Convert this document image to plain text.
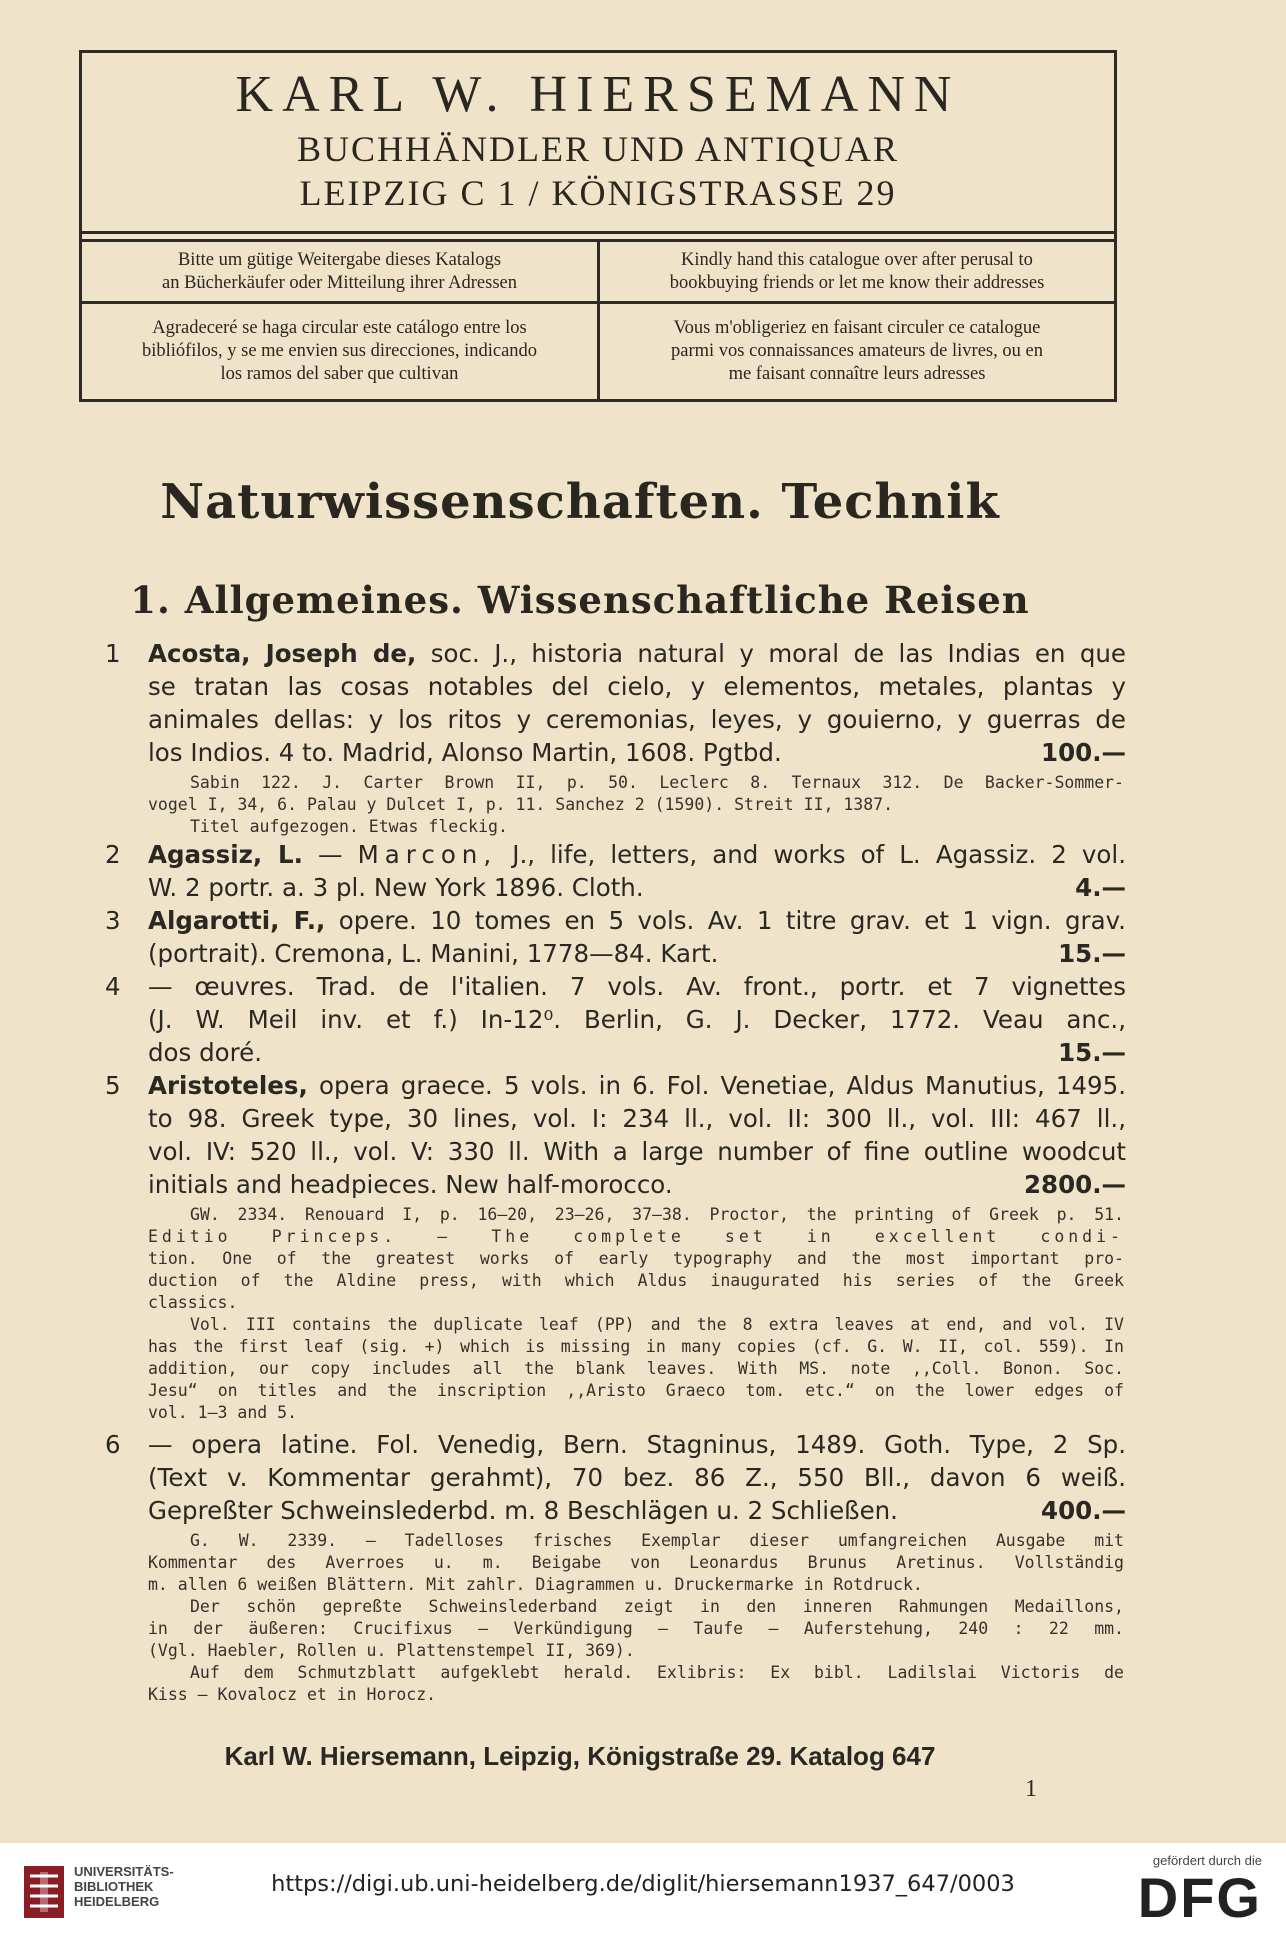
KARL W. HIERSEMANN
BUCHHÄNDLER UND ANTIQUAR
LEIPZIG C 1 / KÖNIGSTRASSE 29
Bitte um gütige Weitergabe dieses Katalogs
an Bücherkäufer oder Mitteilung ihrer Adressen
Kindly hand this catalogue over after perusal to
bookbuying friends or let me know their addresses
Agradeceré se haga circular este catálogo entre los
bibliófilos, y se me envien sus direcciones, indicando
los ramos del saber que cultivan
Vous m'obligeriez en faisant circuler ce catalogue
parmi vos connaissances amateurs de livres, ou en
me faisant connaître leurs adresses
Naturwissenschaften. Technik
1. Allgemeines. Wissenschaftliche Reisen
1 Acosta, Joseph de, soc. J., historia natural y moral de las Indias en que
se tratan las cosas notables del cielo, y elementos, metales, plantas y
animales dellas: y los ritos y ceremonias, leyes, y gouierno, y guerras de
los Indios. 4 to. Madrid, Alonso Martin, 1608. Pgtbd.	100.—
Sabin 122. J. Carter Brown II, p. 50. Leclerc 8. Ternaux 312. De Backer-Sommer-
vogel I, 34, 6. Palau y Dulcet I, p. 11. Sanchez 2 (1590). Streit II, 1387.
Titel aufgezogen. Etwas fleckig.
2 Agassiz, L. — Marcon, J., life, letters, and works of L. Agassiz. 2 vol.
W. 2 portr. a. 3 pl. New York 1896. Cloth.	4.—
3 Algarotti, F., opere. 10 tomes en 5 vols. Av. 1 titre grav. et 1 vign. grav.
(portrait). Cremona, L. Manini, 1778—84. Kart.	15.—
4 — œuvres. Trad. de l'italien. 7 vols. Av. front., portr. et 7 vignettes
(J. W. Meil inv. et f.) In-12⁰. Berlin, G. J. Decker, 1772. Veau anc.,
dos doré.	15.—
5 Aristoteles, opera graece. 5 vols. in 6. Fol. Venetiae, Aldus Manutius, 1495.
to 98. Greek type, 30 lines, vol. I: 234 ll., vol. II: 300 ll., vol. III: 467 ll.,
vol. IV: 520 ll., vol. V: 330 ll. With a large number of fine outline woodcut
initials and headpieces. New half-morocco.	2800.—
GW. 2334. Renouard I, p. 16—20, 23—26, 37—38. Proctor, the printing of Greek p. 51.
Editio Princeps. — The complete set in excellent condi-
tion. One of the greatest works of early typography and the most important pro-
duction of the Aldine press, with which Aldus inaugurated his series of the Greek
classics.
Vol. III contains the duplicate leaf (PP) and the 8 extra leaves at end, and vol. IV
has the first leaf (sig. +) which is missing in many copies (cf. G. W. II, col. 559). In
addition, our copy includes all the blank leaves. With MS. note ,,Coll. Bonon. Soc.
Jesu“ on titles and the inscription ,,Aristo Graeco tom. etc.“ on the lower edges of
vol. 1—3 and 5.
6 — opera latine. Fol. Venedig, Bern. Stagninus, 1489. Goth. Type, 2 Sp.
(Text v. Kommentar gerahmt), 70 bez. 86 Z., 550 Bll., davon 6 weiß.
Gepreßter Schweinslederbd. m. 8 Beschlägen u. 2 Schließen.	400.—
G. W. 2339. — Tadelloses frisches Exemplar dieser umfangreichen Ausgabe mit
Kommentar des Averroes u. m. Beigabe von Leonardus Brunus Aretinus. Vollständig
m. allen 6 weißen Blättern. Mit zahlr. Diagrammen u. Druckermarke in Rotdruck.
Der schön gepreßte Schweinslederband zeigt in den inneren Rahmungen Medaillons,
in der äußeren: Crucifixus — Verkündigung — Taufe — Auferstehung, 240 : 22 mm.
(Vgl. Haebler, Rollen u. Plattenstempel II, 369).
Auf dem Schmutzblatt aufgeklebt herald. Exlibris: Ex bibl. Ladilslai Victoris de
Kiss — Kovalocz et in Horocz.
Karl W. Hiersemann, Leipzig, Königstraße 29. Katalog 647
1
UNIVERSITÄTS-
BIBLIOTHEK
HEIDELBERG
https://digi.ub.uni-heidelberg.de/diglit/hiersemann1937_647/0003
gefördert durch die
DFG
